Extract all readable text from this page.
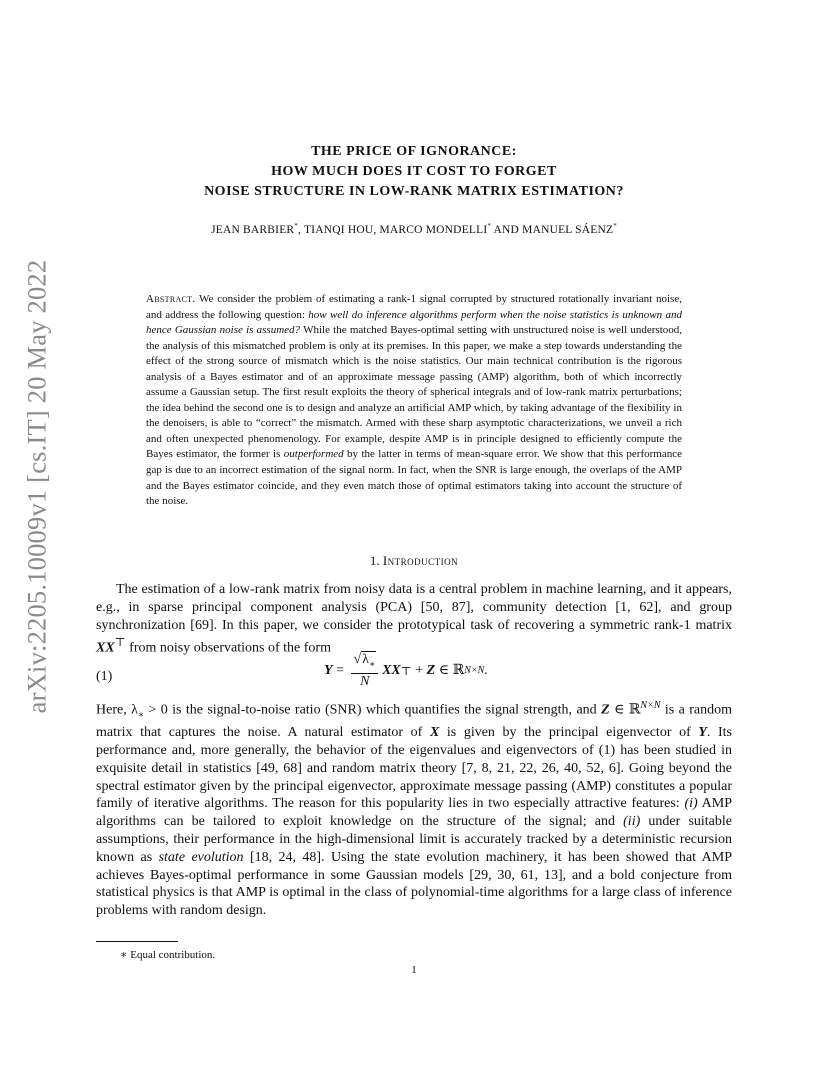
arXiv:2205.10009v1 [cs.IT] 20 May 2022
THE PRICE OF IGNORANCE:
HOW MUCH DOES IT COST TO FORGET
NOISE STRUCTURE IN LOW-RANK MATRIX ESTIMATION?
JEAN BARBIER*, TIANQI HOU, MARCO MONDELLI* AND MANUEL SÁENZ*
Abstract. We consider the problem of estimating a rank-1 signal corrupted by structured rotationally invariant noise, and address the following question: how well do inference algorithms perform when the noise statistics is unknown and hence Gaussian noise is assumed? While the matched Bayes-optimal setting with unstructured noise is well understood, the analysis of this mismatched problem is only at its premises. In this paper, we make a step towards understanding the effect of the strong source of mismatch which is the noise statistics. Our main technical contribution is the rigorous analysis of a Bayes estimator and of an approximate message passing (AMP) algorithm, both of which incorrectly assume a Gaussian setup. The first result exploits the theory of spherical integrals and of low-rank matrix perturbations; the idea behind the second one is to design and analyze an artificial AMP which, by taking advantage of the flexibility in the denoisers, is able to “correct” the mismatch. Armed with these sharp asymptotic characterizations, we unveil a rich and often unexpected phenomenology. For example, despite AMP is in principle designed to efficiently compute the Bayes estimator, the former is outperformed by the latter in terms of mean-square error. We show that this performance gap is due to an incorrect estimation of the signal norm. In fact, when the SNR is large enough, the overlaps of the AMP and the Bayes estimator coincide, and they even match those of optimal estimators taking into account the structure of the noise.
1. Introduction
The estimation of a low-rank matrix from noisy data is a central problem in machine learning, and it appears, e.g., in sparse principal component analysis (PCA) [50, 87], community detection [1, 62], and group synchronization [69]. In this paper, we consider the prototypical task of recovering a symmetric rank-1 matrix XX⊤ from noisy observations of the form
(1)	$Y = \frac{√\lambda_∗}{N}$ XX ⊤ + Z ∈ ℝ N×N .
Here, $\lambda_∗ > 0$ is the signal-to-noise ratio (SNR) which quantifies the signal strength, and Z ∈ ℝ$^{N\times N}$ is a random matrix that captures the noise. A natural estimator of X is given by the principal eigenvector of Y. Its performance and, more generally, the behavior of the eigenvalues and eigenvectors of (1) has been studied in exquisite detail in statistics [49, 68] and random matrix theory [7, 8, 21, 22, 26, 40, 52, 6]. Going beyond the spectral estimator given by the principal eigenvector, approximate message passing (AMP) constitutes a popular family of iterative algorithms. The reason for this popularity lies in two especially attractive features: (i) AMP algorithms can be tailored to exploit knowledge on the structure of the signal; and (ii) under suitable assumptions, their performance in the high-dimensional limit is accurately tracked by a deterministic recursion known as state evolution [18, 24, 48]. Using the state evolution machinery, it has been showed that AMP achieves Bayes-optimal performance in some Gaussian models [29, 30, 61, 13], and a bold conjecture from statistical physics is that AMP is optimal in the class of polynomial-time algorithms for a large class of inference problems with random design.
∗ Equal contribution.
1
